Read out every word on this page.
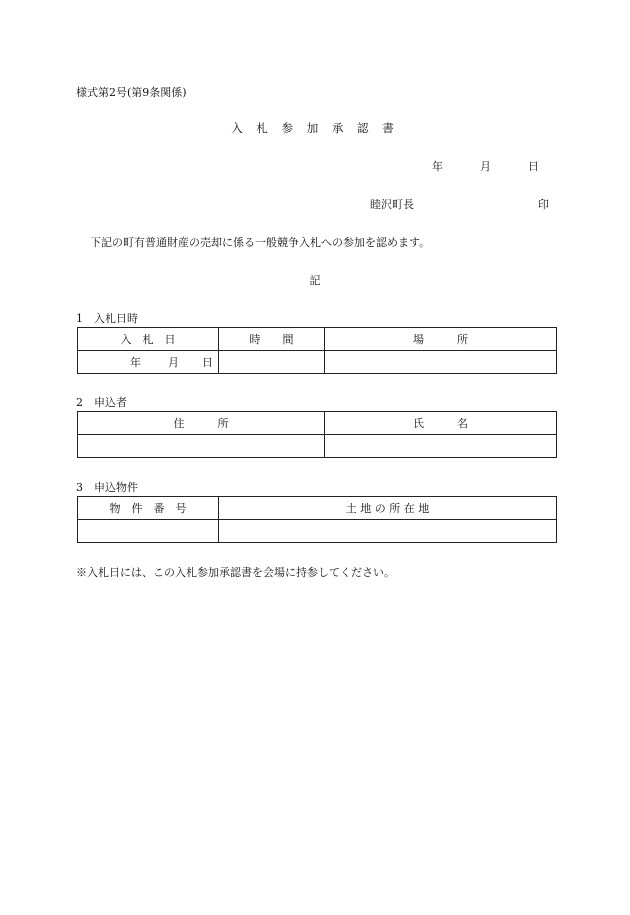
様式第2号(第9条関係)
入 札 参 加 承 認 書
年	月	日
睦沢町長	印
下記の町有普通財産の売却に係る一般競争入札への参加を認めます。
記
1 入札日時
入　札　日	時　　間	場　　　所

年 月 日		

2 申込者
住　　　所	氏　　　名

3 申込物件
物　件　番　号	土 地 の 所 在 地

※入札日には、この入札参加承認書を会場に持参してください。
